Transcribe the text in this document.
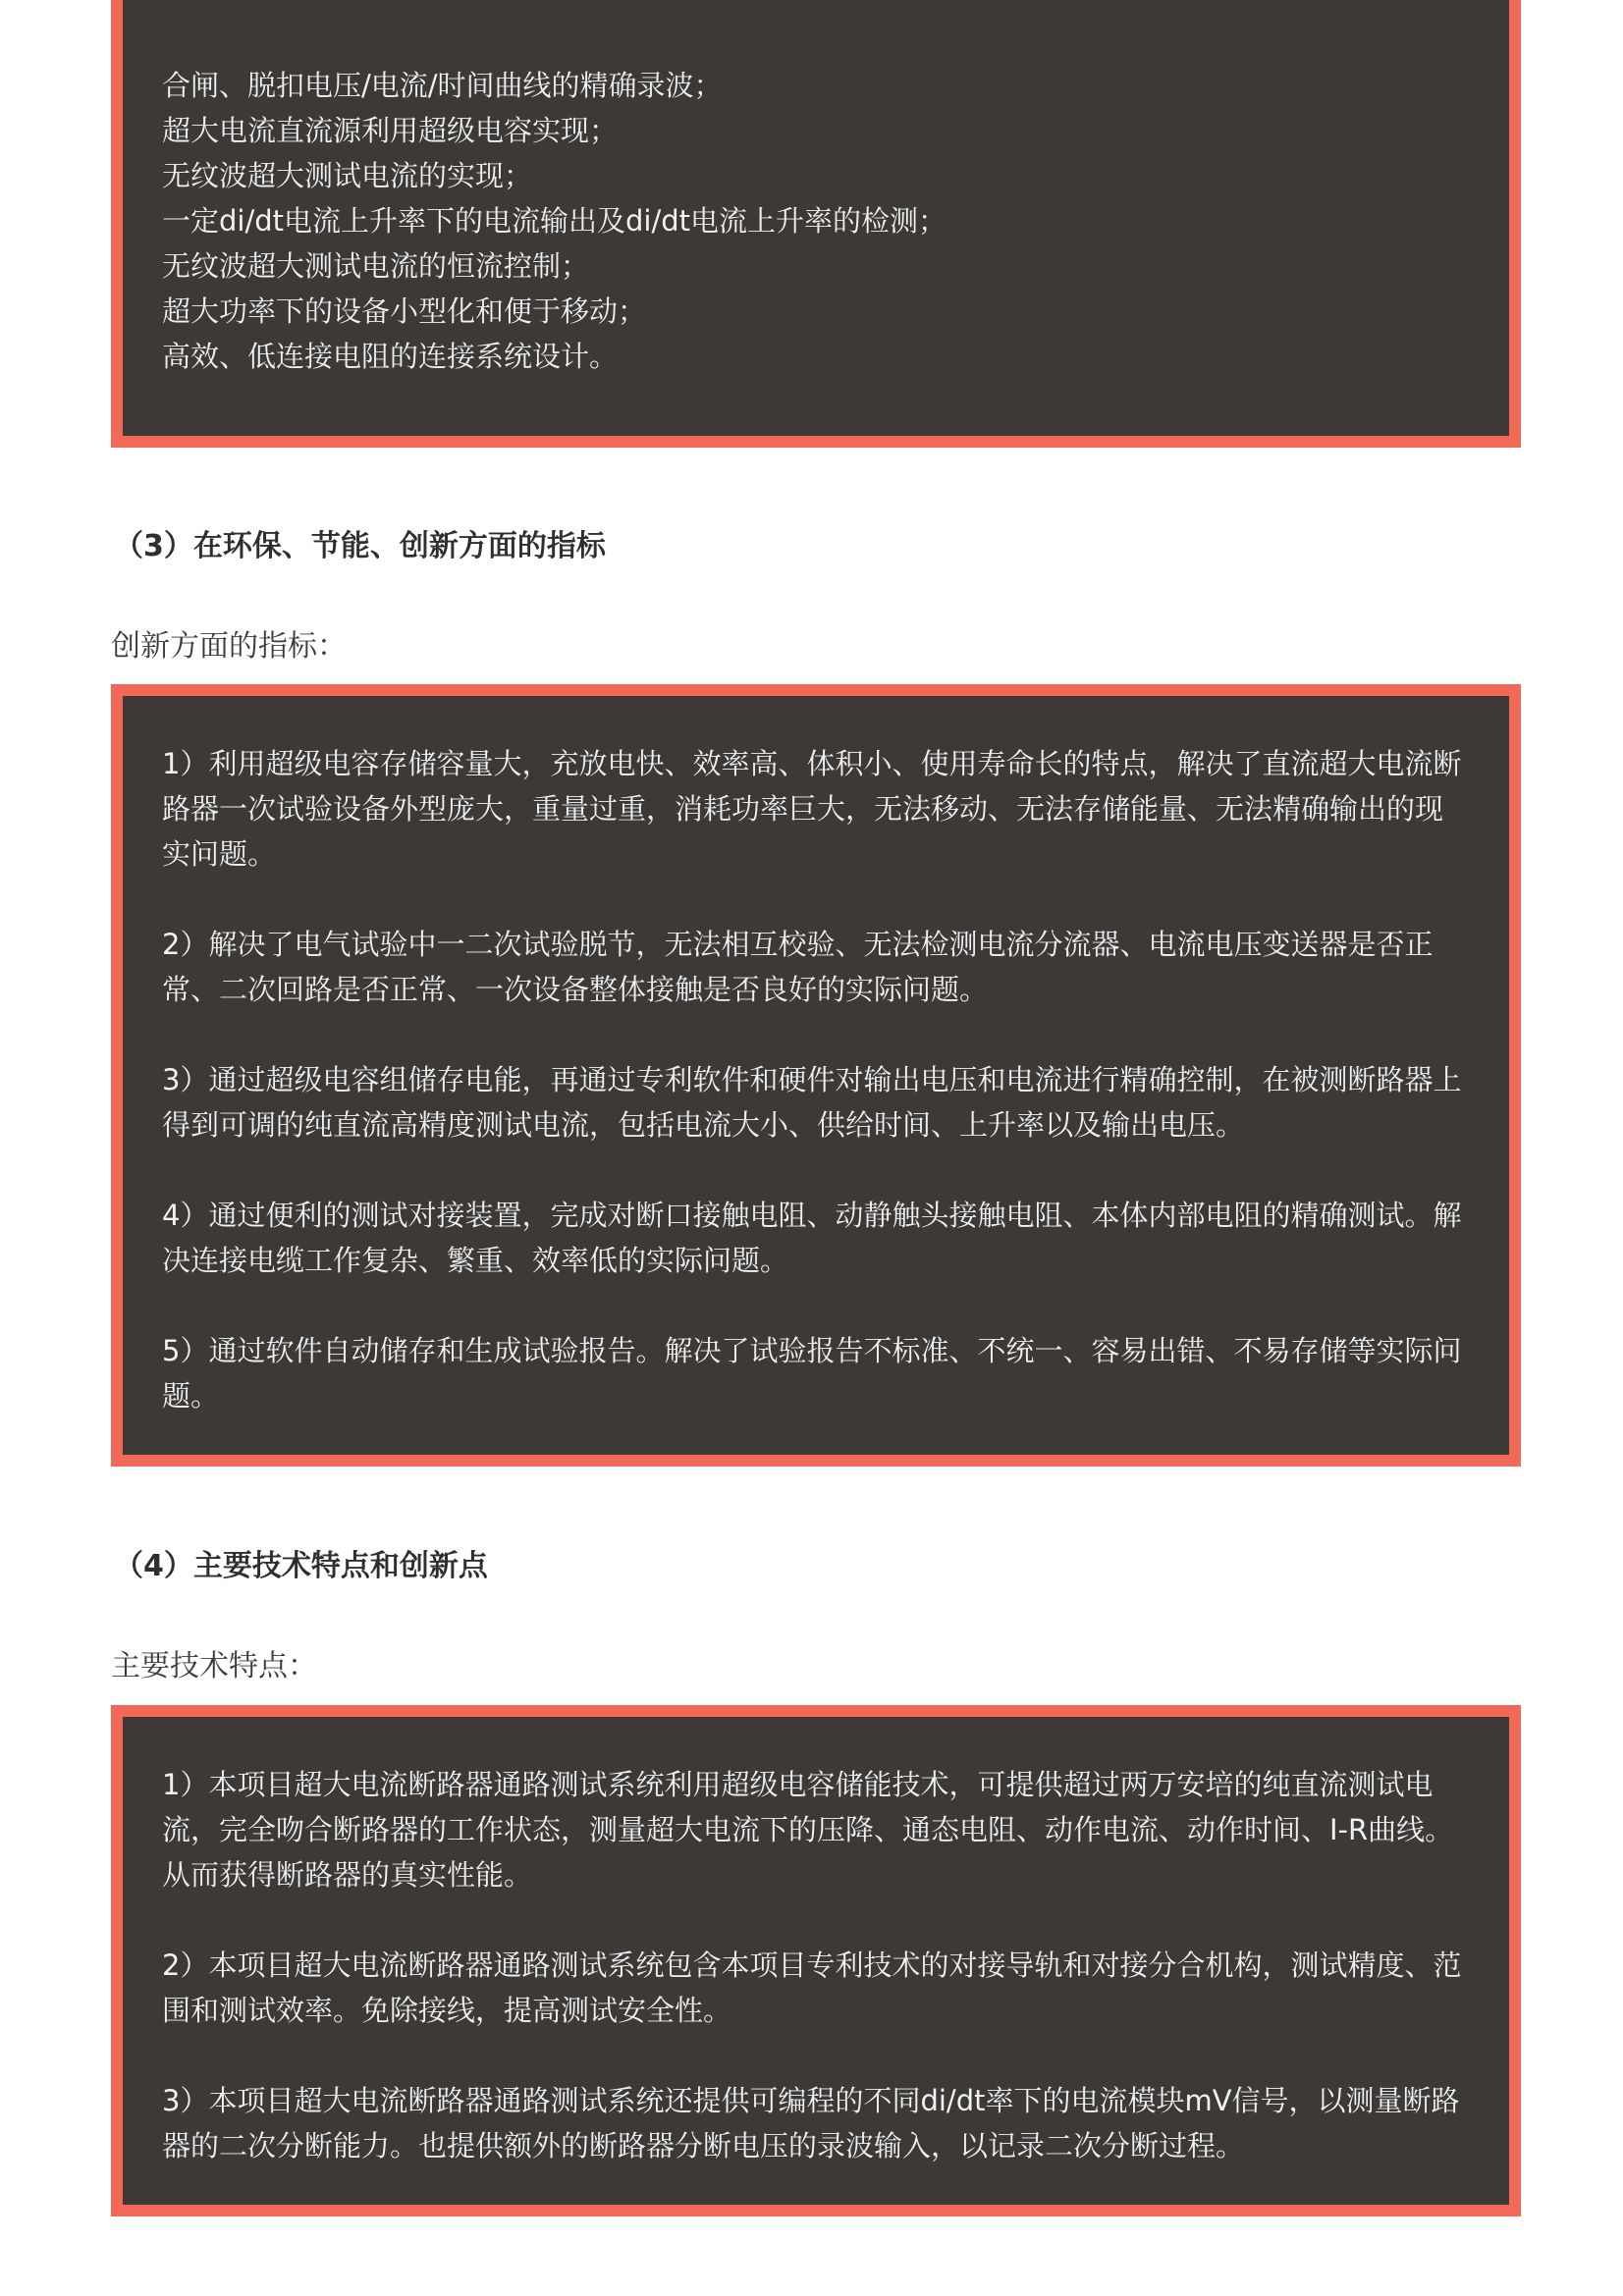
合闸、脱扣电压/电流/时间曲线的精确录波；
超大电流直流源利用超级电容实现；
无纹波超大测试电流的实现；
一定di/dt电流上升率下的电流输出及di/dt电流上升率的检测；
无纹波超大测试电流的恒流控制；
超大功率下的设备小型化和便于移动；
高效、低连接电阻的连接系统设计。
（3）在环保、节能、创新方面的指标
创新方面的指标：

1）利用超级电容存储容量大，充放电快、效率高、体积小、使用寿命长的特点，解决了直流超大电流断路器一次试验设备外型庞大，重量过重，消耗功率巨大，无法移动、无法存储能量、无法精确输出的现实问题。

2）解决了电气试验中一二次试验脱节，无法相互校验、无法检测电流分流器、电流电压变送器是否正常、二次回路是否正常、一次设备整体接触是否良好的实际问题。

3）通过超级电容组储存电能，再通过专利软件和硬件对输出电压和电流进行精确控制，在被测断路器上得到可调的纯直流高精度测试电流，包括电流大小、供给时间、上升率以及输出电压。

4）通过便利的测试对接装置，完成对断口接触电阻、动静触头接触电阻、本体内部电阻的精确测试。解决连接电缆工作复杂、繁重、效率低的实际问题。

5）通过软件自动储存和生成试验报告。解决了试验报告不标准、不统一、容易出错、不易存储等实际问题。

（4）主要技术特点和创新点
主要技术特点：

1）本项目超大电流断路器通路测试系统利用超级电容储能技术，可提供超过两万安培的纯直流测试电流，完全吻合断路器的工作状态，测量超大电流下的压降、通态电阻、动作电流、动作时间、I-R曲线。从而获得断路器的真实性能。

2）本项目超大电流断路器通路测试系统包含本项目专利技术的对接导轨和对接分合机构，测试精度、范围和测试效率。免除接线，提高测试安全性。

3）本项目超大电流断路器通路测试系统还提供可编程的不同di/dt率下的电流模块mV信号，以测量断路器的二次分断能力。也提供额外的断路器分断电压的录波输入，以记录二次分断过程。
